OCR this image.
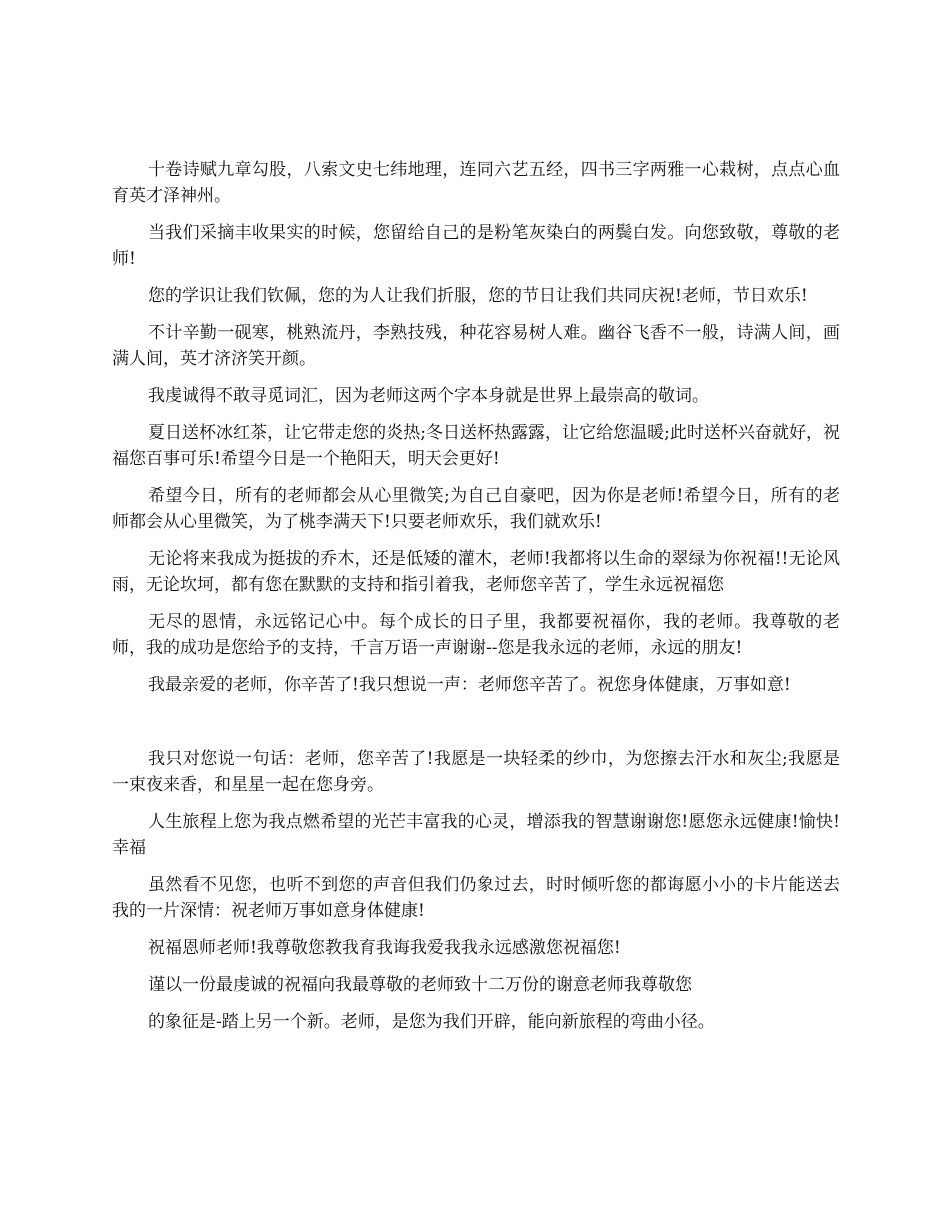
十卷诗赋九章勾股，八索文史七纬地理，连同六艺五经，四书三字两雅一心栽树，点点心血育英才泽神州。

当我们采摘丰收果实的时候，您留给自己的是粉笔灰染白的两鬓白发。向您致敬，尊敬的老师!

您的学识让我们钦佩，您的为人让我们折服，您的节日让我们共同庆祝!老师，节日欢乐!

不计辛勤一砚寒，桃熟流丹，李熟技残，种花容易树人难。幽谷飞香不一般，诗满人间，画满人间，英才济济笑开颜。

我虔诚得不敢寻觅词汇，因为老师这两个字本身就是世界上最崇高的敬词。

夏日送杯冰红茶，让它带走您的炎热;冬日送杯热露露，让它给您温暖;此时送杯兴奋就好，祝福您百事可乐!希望今日是一个艳阳天，明天会更好!

希望今日，所有的老师都会从心里微笑;为自己自豪吧，因为你是老师!希望今日，所有的老师都会从心里微笑，为了桃李满天下!只要老师欢乐，我们就欢乐!

无论将来我成为挺拔的乔木，还是低矮的灌木，老师!我都将以生命的翠绿为你祝福!!无论风雨，无论坎坷，都有您在默默的支持和指引着我，老师您辛苦了，学生永远祝福您

无尽的恩情，永远铭记心中。每个成长的日子里，我都要祝福你，我的老师。我尊敬的老师，我的成功是您给予的支持，千言万语一声谢谢--您是我永远的老师，永远的朋友!

我最亲爱的老师，你辛苦了!我只想说一声：老师您辛苦了。祝您身体健康，万事如意!

我只对您说一句话：老师，您辛苦了!我愿是一块轻柔的纱巾，为您擦去汗水和灰尘;我愿是一束夜来香，和星星一起在您身旁。

人生旅程上您为我点燃希望的光芒丰富我的心灵，增添我的智慧谢谢您!愿您永远健康!愉快!幸福

虽然看不见您，也听不到您的声音但我们仍象过去，时时倾听您的都诲愿小小的卡片能送去我的一片深情：祝老师万事如意身体健康!

祝福恩师老师!我尊敬您教我育我诲我爱我我永远感激您祝福您!

谨以一份最虔诚的祝福向我最尊敬的老师致十二万份的谢意老师我尊敬您

的象征是-踏上另一个新。老师，是您为我们开辟，能向新旅程的弯曲小径。
